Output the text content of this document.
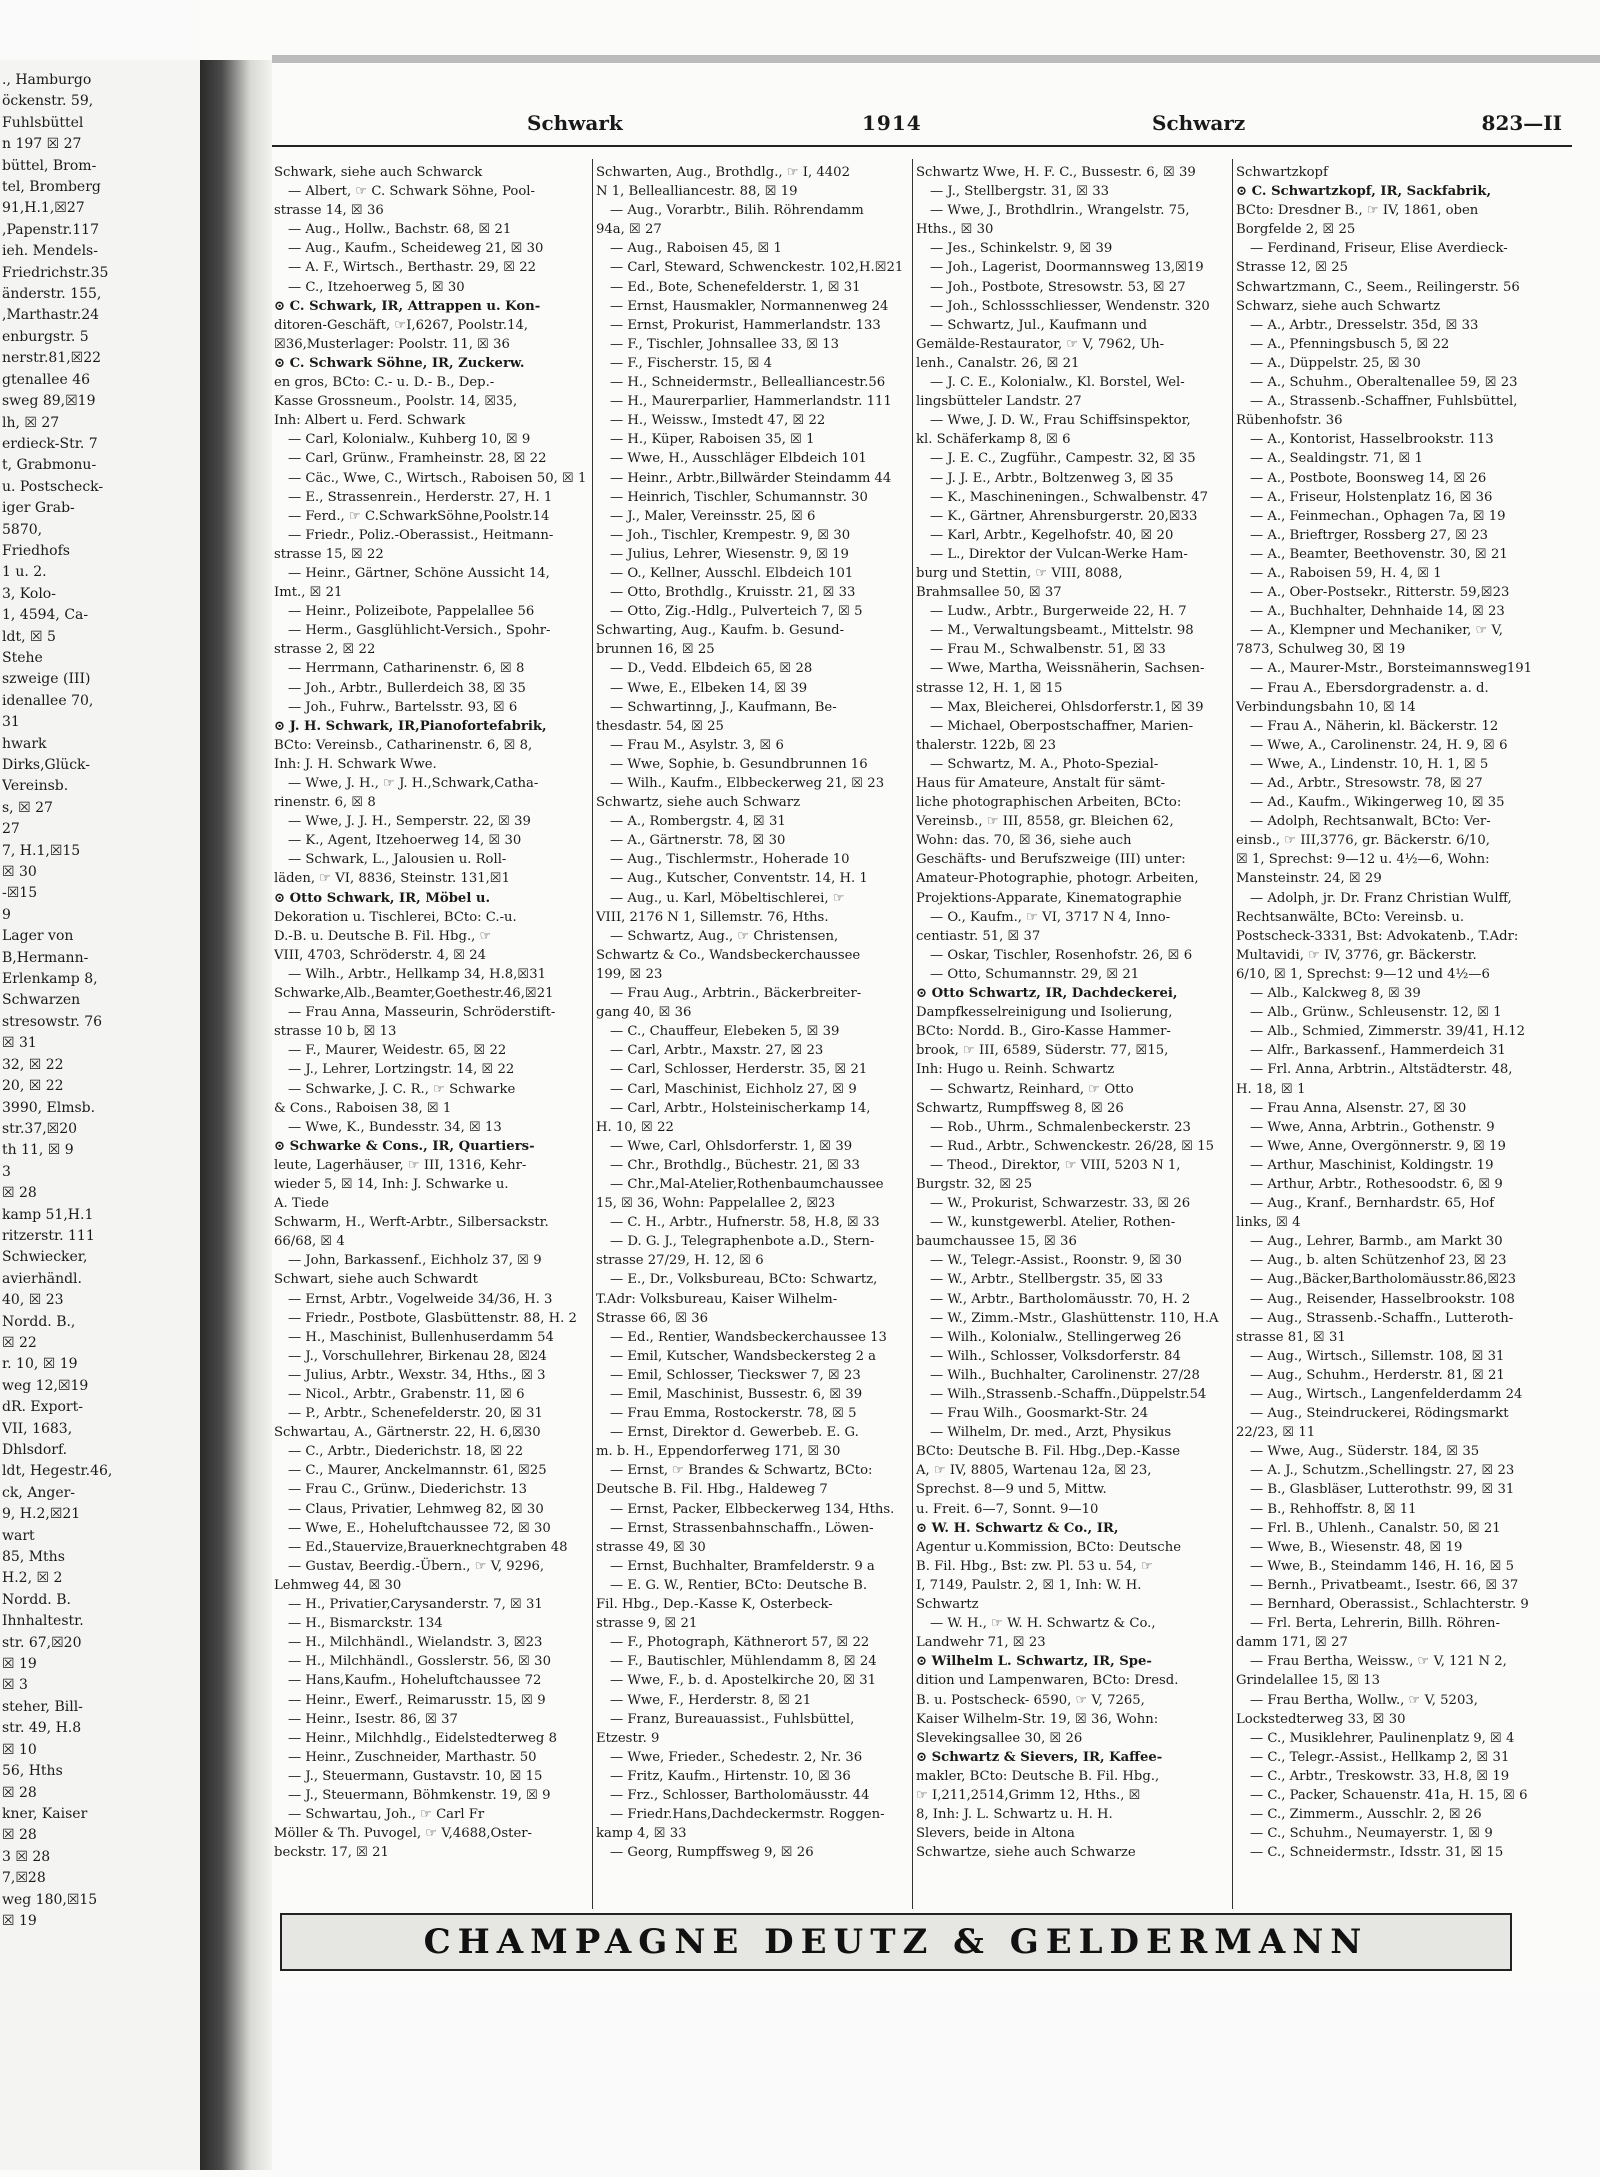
., Hamburgo
öckenstr. 59,
Fuhlsbüttel
n 197 ☒ 27
büttel, Brom-
tel, Bromberg
91,H.1,☒27
,Papenstr.117
ieh. Mendels-
Friedrichstr.35
änderstr. 155,
,Marthastr.24
enburgstr. 5
nerstr.81,☒22
gtenallee 46
sweg 89,☒19
lh, ☒ 27
erdieck-Str. 7
t, Grabmonu-
u. Postscheck-
iger Grab-
5870,
Friedhofs
1 u. 2.
3, Kolo-
1, 4594, Ca-
ldt, ☒ 5
Stehe
szweige (III)
idenallee 70,
31
hwark
Dirks,Glück-
Vereinsb.
s, ☒ 27
27
7, H.1,☒15
☒ 30
-☒15
9
Lager von
B,Hermann-
Erlenkamp 8,
Schwarzen
stresowstr. 76
☒ 31
32, ☒ 22
20, ☒ 22
3990, Elmsb.
str.37,☒20
th 11, ☒ 9
3
☒ 28
kamp 51,H.1
ritzerstr. 111
Schwiecker,
avierhändl.
40, ☒ 23
Nordd. B.,
☒ 22
r. 10, ☒ 19
weg 12,☒19
dR. Export-
VII, 1683,
Dhlsdorf.
ldt, Hegestr.46,
ck, Anger-
9, H.2,☒21
wart
85, Mths
H.2, ☒ 2
Nordd. B.
Ihnhaltestr.
str. 67,☒20
☒ 19
☒ 3
steher, Bill-
str. 49, H.8
☒ 10
56, Hths
☒ 28
kner, Kaiser
☒ 28
3 ☒ 28
7,☒28
weg 180,☒15
☒ 19
Schwark	1914	Schwarz	823—II
Schwark, siehe auch Schwarck
— Albert, ☞ C. Schwark Söhne, Pool-
strasse 14, ☒ 36
— Aug., Hollw., Bachstr. 68, ☒ 21
— Aug., Kaufm., Scheideweg 21, ☒ 30
— A. F., Wirtsch., Berthastr. 29, ☒ 22
— C., Itzehoerweg 5, ☒ 30
⊙ C. Schwark, IR, Attrappen u. Kon-
ditoren-Geschäft, ☞I,6267, Poolstr.14,
☒36,Musterlager: Poolstr. 11, ☒ 36
⊙ C. Schwark Söhne, IR, Zuckerw.
en gros, BCto: C.- u. D.- B., Dep.-
Kasse Grossneum., Poolstr. 14, ☒35,
Inh: Albert u. Ferd. Schwark
— Carl, Kolonialw., Kuhberg 10, ☒ 9
— Carl, Grünw., Framheinstr. 28, ☒ 22
— Cäc., Wwe, C., Wirtsch., Raboisen 50, ☒ 1
— E., Strassenrein., Herderstr. 27, H. 1
— Ferd., ☞ C.SchwarkSöhne,Poolstr.14
— Friedr., Poliz.-Oberassist., Heitmann-
strasse 15, ☒ 22
— Heinr., Gärtner, Schöne Aussicht 14,
Imt., ☒ 21
— Heinr., Polizeibote, Pappelallee 56
— Herm., Gasglühlicht-Versich., Spohr-
strasse 2, ☒ 22
— Herrmann, Catharinenstr. 6, ☒ 8
— Joh., Arbtr., Bullerdeich 38, ☒ 35
— Joh., Fuhrw., Bartelsstr. 93, ☒ 6
⊙ J. H. Schwark, IR,Pianofortefabrik,
BCto: Vereinsb., Catharinenstr. 6, ☒ 8,
Inh: J. H. Schwark Wwe.
— Wwe, J. H., ☞ J. H.,Schwark,Catha-
rinenstr. 6, ☒ 8
— Wwe, J. J. H., Semperstr. 22, ☒ 39
— K., Agent, Itzehoerweg 14, ☒ 30
— Schwark, L., Jalousien u. Roll-
läden, ☞ VI, 8836, Steinstr. 131,☒1
⊙ Otto Schwark, IR, Möbel u.
Dekoration u. Tischlerei, BCto: C.-u.
D.-B. u. Deutsche B. Fil. Hbg., ☞
VIII, 4703, Schröderstr. 4, ☒ 24
— Wilh., Arbtr., Hellkamp 34, H.8,☒31
Schwarke,Alb.,Beamter,Goethestr.46,☒21
— Frau Anna, Masseurin, Schröderstift-
strasse 10 b, ☒ 13
— F., Maurer, Weidestr. 65, ☒ 22
— J., Lehrer, Lortzingstr. 14, ☒ 22
— Schwarke, J. C. R., ☞ Schwarke
& Cons., Raboisen 38, ☒ 1
— Wwe, K., Bundesstr. 34, ☒ 13
⊙ Schwarke & Cons., IR, Quartiers-
leute, Lagerhäuser, ☞ III, 1316, Kehr-
wieder 5, ☒ 14, Inh: J. Schwarke u.
A. Tiede
Schwarm, H., Werft-Arbtr., Silbersackstr.
66/68, ☒ 4
— John, Barkassenf., Eichholz 37, ☒ 9
Schwart, siehe auch Schwardt
— Ernst, Arbtr., Vogelweide 34/36, H. 3
— Friedr., Postbote, Glasbüttenstr. 88, H. 2
— H., Maschinist, Bullenhuserdamm 54
— J., Vorschullehrer, Birkenau 28, ☒24
— Julius, Arbtr., Wexstr. 34, Hths., ☒ 3
— Nicol., Arbtr., Grabenstr. 11, ☒ 6
— P., Arbtr., Schenefelderstr. 20, ☒ 31
Schwartau, A., Gärtnerstr. 22, H. 6,☒30
— C., Arbtr., Diederichstr. 18, ☒ 22
— C., Maurer, Anckelmannstr. 61, ☒25
— Frau C., Grünw., Diederichstr. 13
— Claus, Privatier, Lehmweg 82, ☒ 30
— Wwe, E., Hoheluftchaussee 72, ☒ 30
— Ed.,Stauervize,Brauerknechtgraben 48
— Gustav, Beerdig.-Übern., ☞ V, 9296,
Lehmweg 44, ☒ 30
— H., Privatier,Carysanderstr. 7, ☒ 31
— H., Bismarckstr. 134
— H., Milchhändl., Wielandstr. 3, ☒23
— H., Milchhändl., Gosslerstr. 56, ☒ 30
— Hans,Kaufm., Hoheluftchaussee 72
— Heinr., Ewerf., Reimarusstr. 15, ☒ 9
— Heinr., Isestr. 86, ☒ 37
— Heinr., Milchhdlg., Eidelstedterweg 8
— Heinr., Zuschneider, Marthastr. 50
— J., Steuermann, Gustavstr. 10, ☒ 15
— J., Steuermann, Böhmkenstr. 19, ☒ 9
— Schwartau, Joh., ☞ Carl Fr
Möller & Th. Puvogel, ☞ V,4688,Oster-
beckstr. 17, ☒ 21
Schwarten, Aug., Brothdlg., ☞ I, 4402
N 1, Bellealliancestr. 88, ☒ 19
— Aug., Vorarbtr., Bilih. Röhrendamm
94a, ☒ 27
— Aug., Raboisen 45, ☒ 1
— Carl, Steward, Schwenckestr. 102,H.☒21
— Ed., Bote, Schenefelderstr. 1, ☒ 31
— Ernst, Hausmakler, Normannenweg 24
— Ernst, Prokurist, Hammerlandstr. 133
— F., Tischler, Johnsallee 33, ☒ 13
— F., Fischerstr. 15, ☒ 4
— H., Schneidermstr., Bellealliancestr.56
— H., Maurerparlier, Hammerlandstr. 111
— H., Weissw., Imstedt 47, ☒ 22
— H., Küper, Raboisen 35, ☒ 1
— Wwe, H., Ausschläger Elbdeich 101
— Heinr., Arbtr.,Billwärder Steindamm 44
— Heinrich, Tischler, Schumannstr. 30
— J., Maler, Vereinsstr. 25, ☒ 6
— Joh., Tischler, Krempestr. 9, ☒ 30
— Julius, Lehrer, Wiesenstr. 9, ☒ 19
— O., Kellner, Ausschl. Elbdeich 101
— Otto, Brothdlg., Kruisstr. 21, ☒ 33
— Otto, Zig.-Hdlg., Pulverteich 7, ☒ 5
Schwarting, Aug., Kaufm. b. Gesund-
brunnen 16, ☒ 25
— D., Vedd. Elbdeich 65, ☒ 28
— Wwe, E., Elbeken 14, ☒ 39
— Schwartinng, J., Kaufmann, Be-
thesdastr. 54, ☒ 25
— Frau M., Asylstr. 3, ☒ 6
— Wwe, Sophie, b. Gesundbrunnen 16
— Wilh., Kaufm., Elbbeckerweg 21, ☒ 23
Schwartz, siehe auch Schwarz
— A., Rombergstr. 4, ☒ 31
— A., Gärtnerstr. 78, ☒ 30
— Aug., Tischlermstr., Hoherade 10
— Aug., Kutscher, Conventstr. 14, H. 1
— Aug., u. Karl, Möbeltischlerei, ☞
VIII, 2176 N 1, Sillemstr. 76, Hths.
— Schwartz, Aug., ☞ Christensen,
Schwartz & Co., Wandsbeckerchaussee
199, ☒ 23
— Frau Aug., Arbtrin., Bäckerbreiter-
gang 40, ☒ 36
— C., Chauffeur, Elebeken 5, ☒ 39
— Carl, Arbtr., Maxstr. 27, ☒ 23
— Carl, Schlosser, Herderstr. 35, ☒ 21
— Carl, Maschinist, Eichholz 27, ☒ 9
— Carl, Arbtr., Holsteinischerkamp 14,
H. 10, ☒ 22
— Wwe, Carl, Ohlsdorferstr. 1, ☒ 39
— Chr., Brothdlg., Büchestr. 21, ☒ 33
— Chr.,Mal-Atelier,Rothenbaumchaussee
15, ☒ 36, Wohn: Pappelallee 2, ☒23
— C. H., Arbtr., Hufnerstr. 58, H.8, ☒ 33
— D. G. J., Telegraphenbote a.D., Stern-
strasse 27/29, H. 12, ☒ 6
— E., Dr., Volksbureau, BCto: Schwartz,
T.Adr: Volksbureau, Kaiser Wilhelm-
Strasse 66, ☒ 36
— Ed., Rentier, Wandsbeckerchaussee 13
— Emil, Kutscher, Wandsbeckersteg 2 a
— Emil, Schlosser, Tieckswег 7, ☒ 23
— Emil, Maschinist, Bussestr. 6, ☒ 39
— Frau Emma, Rostockerstr. 78, ☒ 5
— Ernst, Direktor d. Gewerbeb. E. G.
m. b. H., Eppendorferweg 171, ☒ 30
— Ernst, ☞ Brandes & Schwartz, BCto:
Deutsche B. Fil. Hbg., Haldeweg 7
— Ernst, Packer, Elbbeckerweg 134, Hths.
— Ernst, Strassenbahnschaffn., Löwen-
strasse 49, ☒ 30
— Ernst, Buchhalter, Bramfelderstr. 9 a
— E. G. W., Rentier, BCto: Deutsche B.
Fil. Hbg., Dep.-Kasse K, Osterbeck-
strasse 9, ☒ 21
— F., Photograph, Käthnerort 57, ☒ 22
— F., Bautischler, Mühlendamm 8, ☒ 24
— Wwe, F., b. d. Apostelkirche 20, ☒ 31
— Wwe, F., Herderstr. 8, ☒ 21
— Franz, Bureauassist., Fuhlsbüttel,
Etzestr. 9
— Wwe, Frieder., Schedestr. 2, Nr. 36
— Fritz, Kaufm., Hirtenstr. 10, ☒ 36
— Frz., Schlosser, Bartholomäusstr. 44
— Friedr.Hans,Dachdeckermstr. Roggen-
kamp 4, ☒ 33
— Georg, Rumpffsweg 9, ☒ 26
Schwartz Wwe, H. F. C., Bussestr. 6, ☒ 39
— J., Stellbergstr. 31, ☒ 33
— Wwe, J., Brothdlrin., Wrangelstr. 75,
Hths., ☒ 30
— Jes., Schinkelstr. 9, ☒ 39
— Joh., Lagerist, Doormannsweg 13,☒19
— Joh., Postbote, Stresowstr. 53, ☒ 27
— Joh., Schlossschliesser, Wendenstr. 320
— Schwartz, Jul., Kaufmann und
Gemälde-Restaurator, ☞ V, 7962, Uh-
lenh., Canalstr. 26, ☒ 21
— J. C. E., Kolonialw., Kl. Borstel, Wel-
lingsbütteler Landstr. 27
— Wwe, J. D. W., Frau Schiffsinspektor,
kl. Schäferkamp 8, ☒ 6
— J. E. C., Zugführ., Campestr. 32, ☒ 35
— J. J. E., Arbtr., Boltzenweg 3, ☒ 35
— K., Maschineningen., Schwalbenstr. 47
— K., Gärtner, Ahrensburgerstr. 20,☒33
— Karl, Arbtr., Kegelhofstr. 40, ☒ 20
— L., Direktor der Vulcan-Werke Ham-
burg und Stettin, ☞ VIII, 8088,
Brahmsallee 50, ☒ 37
— Ludw., Arbtr., Burgerweide 22, H. 7
— M., Verwaltungsbeamt., Mittelstr. 98
— Frau M., Schwalbenstr. 51, ☒ 33
— Wwe, Martha, Weissnäherin, Sachsen-
strasse 12, H. 1, ☒ 15
— Max, Bleicherei, Ohlsdorferstr.1, ☒ 39
— Michael, Oberpostschaffner, Marien-
thalerstr. 122b, ☒ 23
— Schwartz, M. A., Photo-Spezial-
Haus für Amateure, Anstalt für sämt-
liche photographischen Arbeiten, BCto:
Vereinsb., ☞ III, 8558, gr. Bleichen 62,
Wohn: das. 70, ☒ 36, siehe auch
Geschäfts- und Berufszweige (III) unter:
Amateur-Photographie, photogr. Arbeiten,
Projektions-Apparate, Kinematographie
— O., Kaufm., ☞ VI, 3717 N 4, Inno-
centiastr. 51, ☒ 37
— Oskar, Tischler, Rosenhofstr. 26, ☒ 6
— Otto, Schumannstr. 29, ☒ 21
⊙ Otto Schwartz, IR, Dachdeckerei,
Dampfkesselreinigung und Isolierung,
BCto: Nordd. B., Giro-Kasse Hammer-
brook, ☞ III, 6589, Süderstr. 77, ☒15,
Inh: Hugo u. Reinh. Schwartz
— Schwartz, Reinhard, ☞ Otto
Schwartz, Rumpffsweg 8, ☒ 26
— Rob., Uhrm., Schmalenbeckerstr. 23
— Rud., Arbtr., Schwenckestr. 26/28, ☒ 15
— Theod., Direktor, ☞ VIII, 5203 N 1,
Burgstr. 32, ☒ 25
— W., Prokurist, Schwarzestr. 33, ☒ 26
— W., kunstgewerbl. Atelier, Rothen-
baumchaussee 15, ☒ 36
— W., Telegr.-Assist., Roonstr. 9, ☒ 30
— W., Arbtr., Stellbergstr. 35, ☒ 33
— W., Arbtr., Bartholomäusstr. 70, H. 2
— W., Zimm.-Mstr., Glashüttenstr. 110, H.A
— Wilh., Kolonialw., Stellingerweg 26
— Wilh., Schlosser, Volksdorferstr. 84
— Wilh., Buchhalter, Carolinenstr. 27/28
— Wilh.,Strassenb.-Schaffn.,Düppelstr.54
— Frau Wilh., Goosmarkt-Str. 24
— Wilhelm, Dr. med., Arzt, Physikus
BCto: Deutsche B. Fil. Hbg.,Dep.-Kasse
A, ☞ IV, 8805, Wartenau 12a, ☒ 23,
Sprechst. 8—9 und 5, Mittw.
u. Freit. 6—7, Sonnt. 9—10
⊙ W. H. Schwartz & Co., IR,
Agentur u.Kommission, BCto: Deutsche
B. Fil. Hbg., Bst: zw. Pl. 53 u. 54, ☞
I, 7149, Paulstr. 2, ☒ 1, Inh: W. H.
Schwartz
— W. H., ☞ W. H. Schwartz & Co.,
Landwehr 71, ☒ 23
⊙ Wilhelm L. Schwartz, IR, Spe-
dition und Lampenwaren, BCto: Dresd.
B. u. Postscheck- 6590, ☞ V, 7265,
Kaiser Wilhelm-Str. 19, ☒ 36, Wohn:
Slevekingsallee 30, ☒ 26
⊙ Schwartz & Sievers, IR, Kaffee-
makler, BCto: Deutsche B. Fil. Hbg.,
☞ I,211,2514,Grimm 12, Hths., ☒
8, Inh: J. L. Schwartz u. H. H.
Slevers, beide in Altona
Schwartze, siehe auch Schwarze
Schwartzkopf
⊙ C. Schwartzkopf, IR, Sackfabrik,
BCto: Dresdner B., ☞ IV, 1861, oben
Borgfelde 2, ☒ 25
— Ferdinand, Friseur, Elise Averdieck-
Strasse 12, ☒ 25
Schwartzmann, C., Seem., Reilingerstr. 56
Schwarz, siehe auch Schwartz
— A., Arbtr., Dresselstr. 35d, ☒ 33
— A., Pfenningsbusch 5, ☒ 22
— A., Düppelstr. 25, ☒ 30
— A., Schuhm., Oberaltenallee 59, ☒ 23
— A., Strassenb.-Schaffner, Fuhlsbüttel,
Rübenhofstr. 36
— A., Kontorist, Hasselbrookstr. 113
— A., Sealdingstr. 71, ☒ 1
— A., Postbote, Boonsweg 14, ☒ 26
— A., Friseur, Holstenplatz 16, ☒ 36
— A., Feinmechan., Ophagen 7a, ☒ 19
— A., Brieftrger, Rossberg 27, ☒ 23
— A., Beamter, Beethovenstr. 30, ☒ 21
— A., Raboisen 59, H. 4, ☒ 1
— A., Ober-Postsekr., Ritterstr. 59,☒23
— A., Buchhalter, Dehnhaide 14, ☒ 23
— A., Klempner und Mechaniker, ☞ V,
7873, Schulweg 30, ☒ 19
— A., Maurer-Mstr., Borsteimannsweg191
— Frau A., Ebersdorgradenstr. a. d.
Verbindungsbahn 10, ☒ 14
— Frau A., Näherin, kl. Bäckerstr. 12
— Wwe, A., Carolinenstr. 24, H. 9, ☒ 6
— Wwe, A., Lindenstr. 10, H. 1, ☒ 5
— Ad., Arbtr., Stresowstr. 78, ☒ 27
— Ad., Kaufm., Wikingerweg 10, ☒ 35
— Adolph, Rechtsanwalt, BCto: Ver-
einsb., ☞ III,3776, gr. Bäckerstr. 6/10,
☒ 1, Sprechst: 9—12 u. 4½—6, Wohn:
Mansteinstr. 24, ☒ 29
— Adolph, jr. Dr. Franz Christian Wulff,
Rechtsanwälte, BCto: Vereinsb. u.
Postscheck-3331, Bst: Advokatenb., T.Adr:
Multavidi, ☞ IV, 3776, gr. Bäckerstr.
6/10, ☒ 1, Sprechst: 9—12 und 4½—6
— Alb., Kalckweg 8, ☒ 39
— Alb., Grünw., Schleusenstr. 12, ☒ 1
— Alb., Schmied, Zimmerstr. 39/41, H.12
— Alfr., Barkassenf., Hammerdeich 31
— Frl. Anna, Arbtrin., Altstädterstr. 48,
H. 18, ☒ 1
— Frau Anna, Alsenstr. 27, ☒ 30
— Wwe, Anna, Arbtrin., Gothenstr. 9
— Wwe, Anne, Overgönnerstr. 9, ☒ 19
— Arthur, Maschinist, Koldingstr. 19
— Arthur, Arbtr., Rothesoodstr. 6, ☒ 9
— Aug., Kranf., Bernhardstr. 65, Hof
links, ☒ 4
— Aug., Lehrer, Barmb., am Markt 30
— Aug., b. alten Schützenhof 23, ☒ 23
— Aug.,Bäcker,Bartholomäusstr.86,☒23
— Aug., Reisender, Hasselbrookstr. 108
— Aug., Strassenb.-Schaffn., Lutteroth-
strasse 81, ☒ 31
— Aug., Wirtsch., Sillemstr. 108, ☒ 31
— Aug., Schuhm., Herderstr. 81, ☒ 21
— Aug., Wirtsch., Langenfelderdamm 24
— Aug., Steindruckerei, Rödingsmarkt
22/23, ☒ 11
— Wwe, Aug., Süderstr. 184, ☒ 35
— A. J., Schutzm.,Schellingstr. 27, ☒ 23
— B., Glasbläser, Lutterothstr. 99, ☒ 31
— B., Rehhoffstr. 8, ☒ 11
— Frl. B., Uhlenh., Canalstr. 50, ☒ 21
— Wwe, B., Wiesenstr. 48, ☒ 19
— Wwe, B., Steindamm 146, H. 16, ☒ 5
— Bernh., Privatbeamt., Isestr. 66, ☒ 37
— Bernhard, Oberassist., Schlachterstr. 9
— Frl. Berta, Lehrerin, Billh. Röhren-
damm 171, ☒ 27
— Frau Bertha, Weissw., ☞ V, 121 N 2,
Grindelallee 15, ☒ 13
— Frau Bertha, Wollw., ☞ V, 5203,
Lockstedterweg 33, ☒ 30
— C., Musiklehrer, Paulinenplatz 9, ☒ 4
— C., Telegr.-Assist., Hellkamp 2, ☒ 31
— C., Arbtr., Treskowstr. 33, H.8, ☒ 19
— C., Packer, Schauenstr. 41a, H. 15, ☒ 6
— C., Zimmerm., Ausschlr. 2, ☒ 26
— C., Schuhm., Neumayerstr. 1, ☒ 9
— C., Schneidermstr., Idsstr. 31, ☒ 15
CHAMPAGNE DEUTZ & GELDERMANN
